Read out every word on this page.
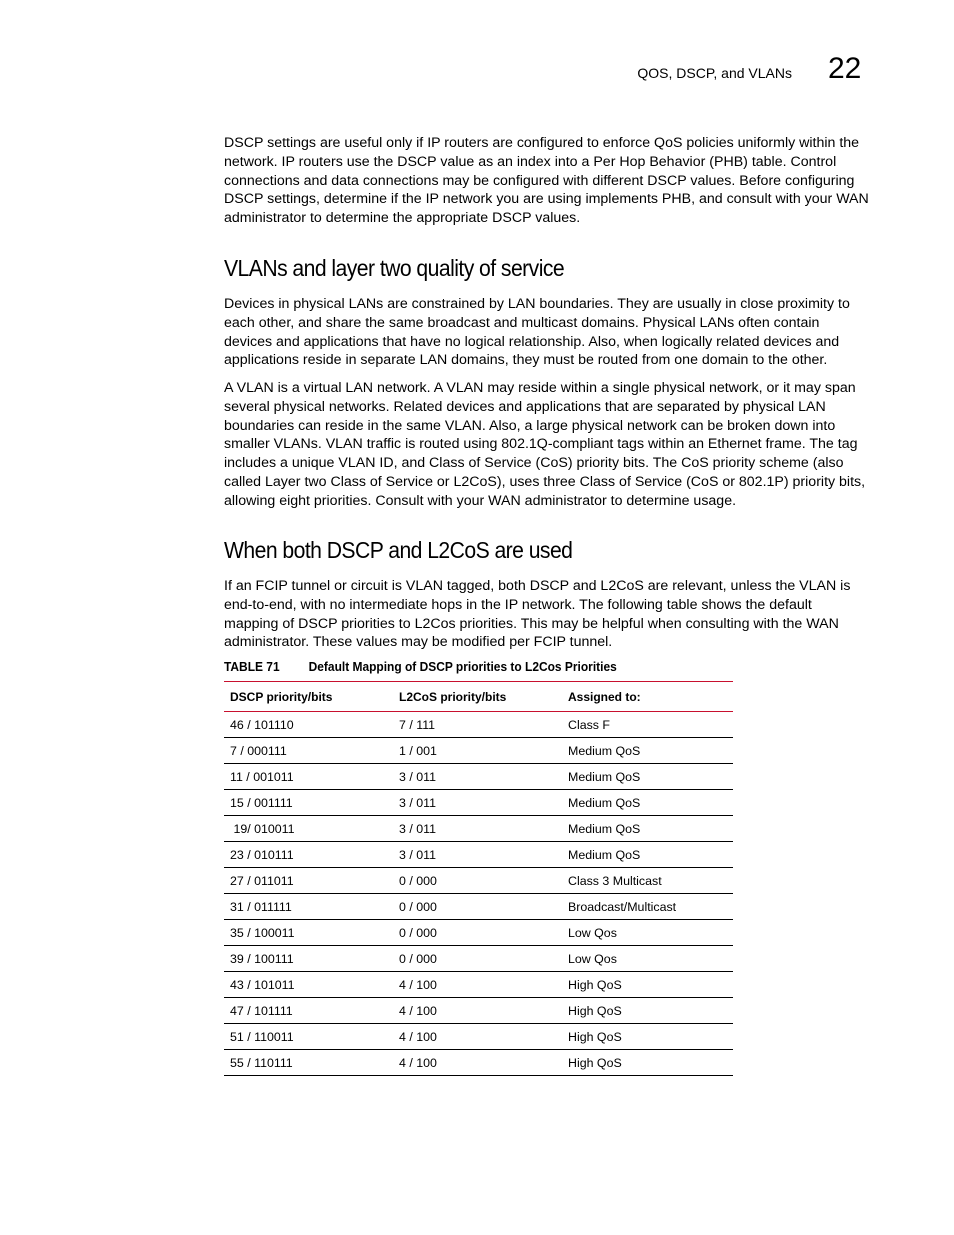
QOS, DSCP, and VLANs 22

DSCP settings are useful only if IP routers are configured to enforce QoS policies uniformly within the network. IP routers use the DSCP value as an index into a Per Hop Behavior (PHB) table. Control connections and data connections may be configured with different DSCP values. Before configuring DSCP settings, determine if the IP network you are using implements PHB, and consult with your WAN administrator to determine the appropriate DSCP values.

VLANs and layer two quality of service

Devices in physical LANs are constrained by LAN boundaries. They are usually in close proximity to each other, and share the same broadcast and multicast domains. Physical LANs often contain devices and applications that have no logical relationship. Also, when logically related devices and applications reside in separate LAN domains, they must be routed from one domain to the other.

A VLAN is a virtual LAN network. A VLAN may reside within a single physical network, or it may span several physical networks. Related devices and applications that are separated by physical LAN boundaries can reside in the same VLAN. Also, a large physical network can be broken down into smaller VLANs. VLAN traffic is routed using 802.1Q-compliant tags within an Ethernet frame. The tag includes a unique VLAN ID, and Class of Service (CoS) priority bits. The CoS priority scheme (also called Layer two Class of Service or L2CoS), uses three Class of Service (CoS or 802.1P) priority bits, allowing eight priorities. Consult with your WAN administrator to determine usage.

When both DSCP and L2CoS are used

If an FCIP tunnel or circuit is VLAN tagged, both DSCP and L2CoS are relevant, unless the VLAN is end-to-end, with no intermediate hops in the IP network. The following table shows the default mapping of DSCP priorities to L2Cos priorities. This may be helpful when consulting with the WAN administrator. These values may be modified per FCIP tunnel.

TABLE 71 Default Mapping of DSCP priorities to L2Cos Priorities
DSCP priority/bits	L2CoS priority/bits	Assigned to:
46 / 101110	7 / 111	Class F
7 / 000111	1 / 001	Medium QoS
11 / 001011	3 / 011	Medium QoS
15 / 001111	3 / 011	Medium QoS
19/ 010011	3 / 011	Medium QoS
23 / 010111	3 / 011	Medium QoS
27 / 011011	0 / 000	Class 3 Multicast
31 / 011111	0 / 000	Broadcast/Multicast
35 / 100011	0 / 000	Low Qos
39 / 100111	0 / 000	Low Qos
43 / 101011	4 / 100	High QoS
47 / 101111	4 / 100	High QoS
51 / 110011	4 / 100	High QoS
55 / 110111	4 / 100	High QoS
